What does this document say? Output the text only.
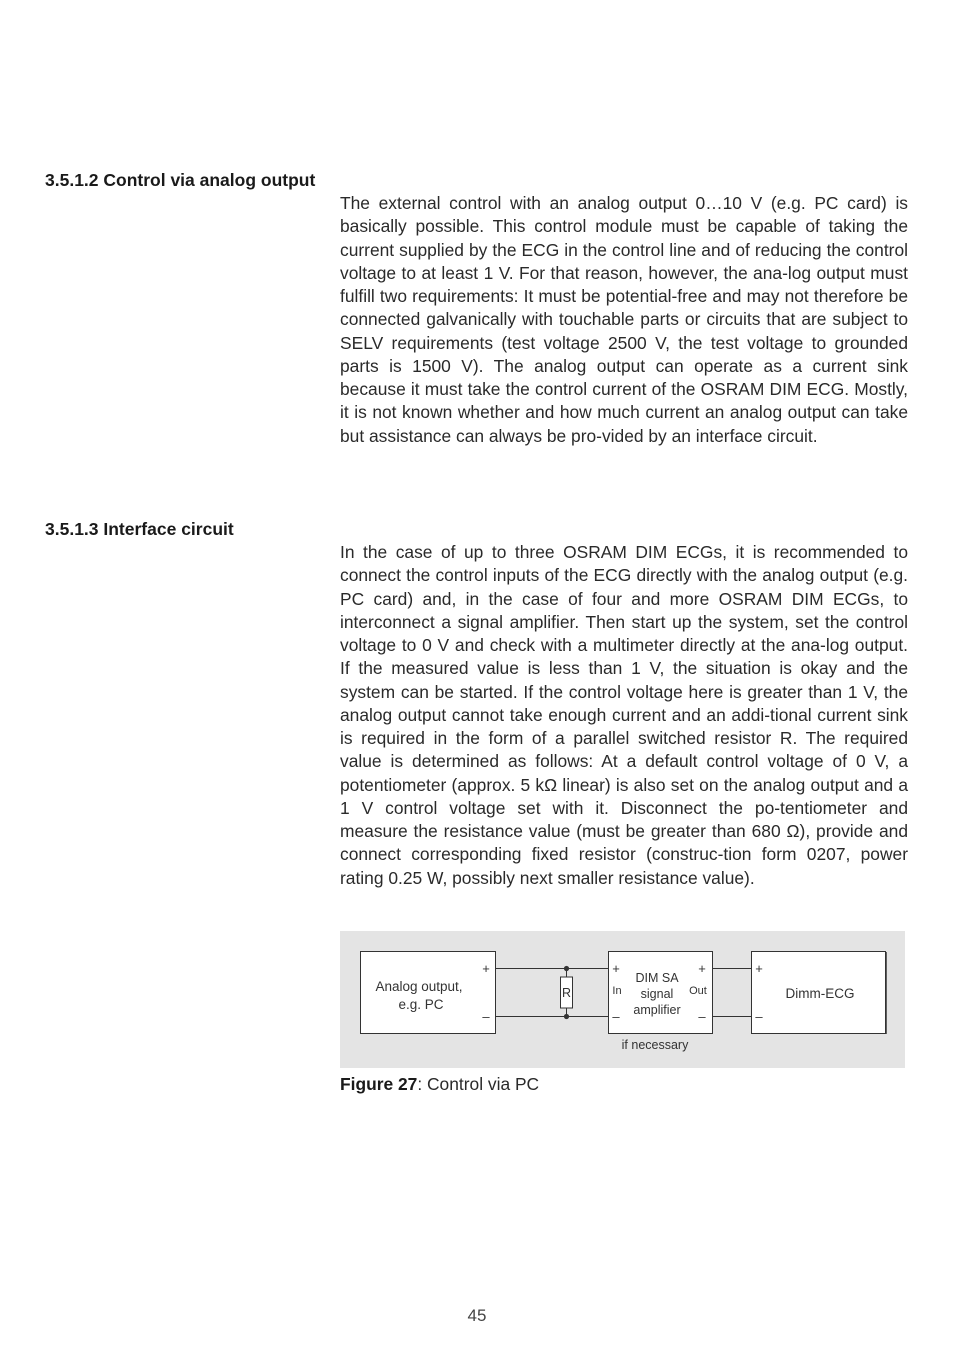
3.5.1.2 Control via analog output

The external control with an analog output 0…10 V (e.g. PC card) is basically possible. This control module must be capable of taking the current supplied by the ECG in the control line and of reducing the control voltage to at least 1 V. For that reason, however, the ana-log output must fulfill two requirements: It must be potential-free and may not therefore be connected galvanically with touchable parts or circuits that are subject to SELV requirements (test voltage 2500 V, the test voltage to grounded parts is 1500 V). The analog output can operate as a current sink because it must take the control current of the OSRAM DIM ECG. Mostly, it is not known whether and how much current an analog output can take but assistance can always be pro-vided by an interface circuit.

3.5.1.3 Interface circuit

In the case of up to three OSRAM DIM ECGs, it is recommended to connect the control inputs of the ECG directly with the analog output (e.g. PC card) and, in the case of four and more OSRAM DIM ECGs, to interconnect a signal amplifier. Then start up the system, set the control voltage to 0 V and check with a multimeter directly at the ana-log output. If the measured value is less than 1 V, the situation is okay and the system can be started. If the control voltage here is greater than 1 V, the analog output cannot take enough current and an addi-tional current sink is required in the form of a parallel switched resistor R. The required value is determined as follows: At a default control voltage of 0 V, a potentiometer (approx. 5 kΩ linear) is also set on the analog output and a 1 V control voltage set with it. Disconnect the po-tentiometer and measure the resistance value (must be greater than 680 Ω), provide and connect corresponding fixed resistor (construc-tion form 0207, power rating 0.25 W, possibly next smaller resistance value).

Analog output,
e.g. PC
+
–
R
+
–
+
–
In	Out
DIM SA
signal
amplifier
if necessary
+
–
Dimm-ECG
Figure 27: Control via PC
45
